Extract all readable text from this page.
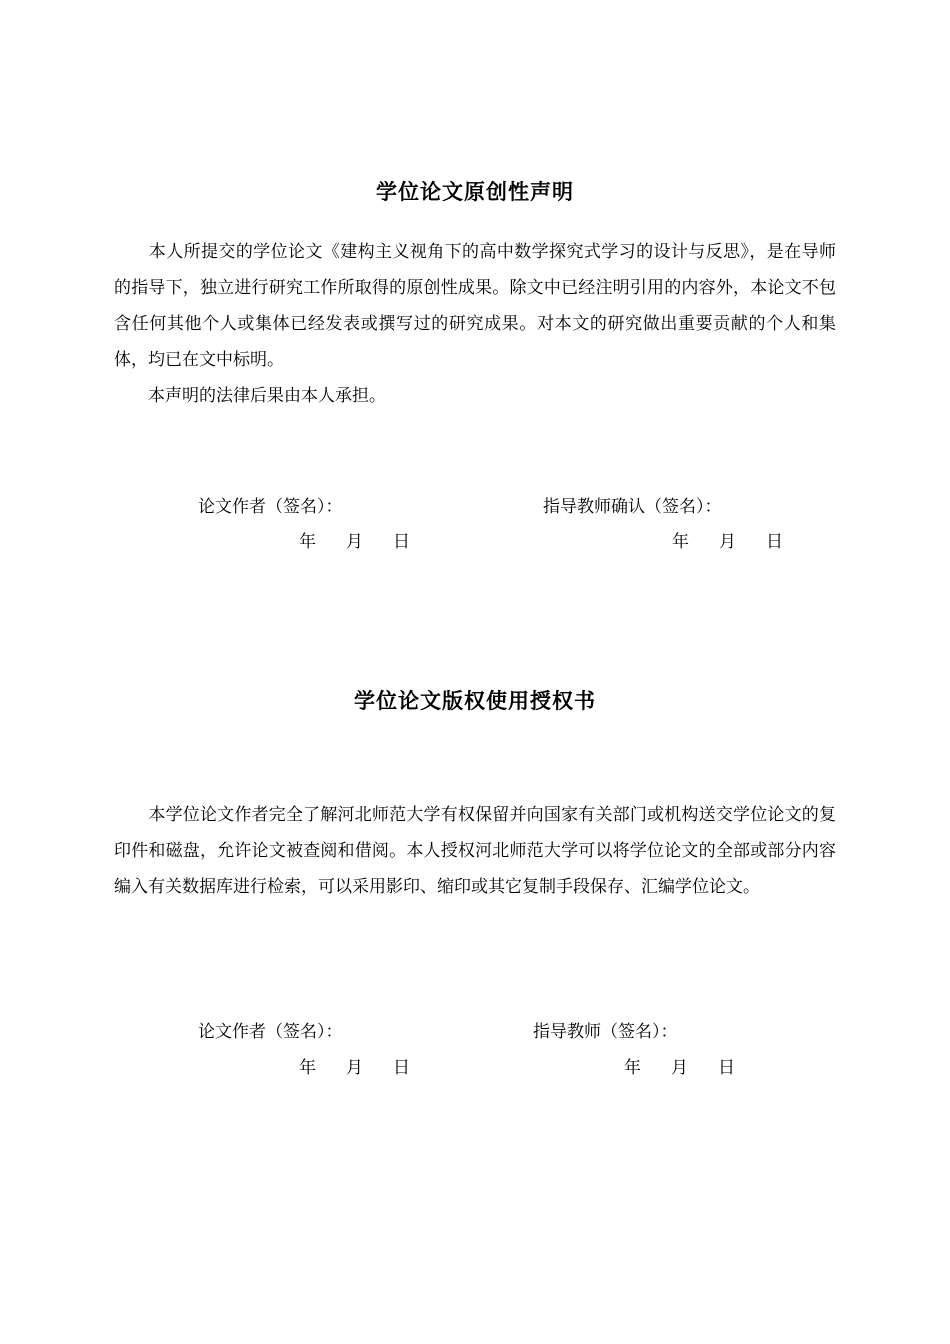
学位论文原创性声明

　　本人所提交的学位论文《建构主义视角下的高中数学探究式学习的设计与反思》，是在导师的指导下，独立进行研究工作所取得的原创性成果。除文中已经注明引用的内容外，本论文不包含任何其他个人或集体已经发表或撰写过的研究成果。对本文的研究做出重要贡献的个人和集体，均已在文中标明。

　　本声明的法律后果由本人承担。

论文作者（签名）：	指导教师确认（签名）：
年 月 日	年 月 日
学位论文版权使用授权书

　　本学位论文作者完全了解河北师范大学有权保留并向国家有关部门或机构送交学位论文的复印件和磁盘，允许论文被查阅和借阅。本人授权河北师范大学可以将学位论文的全部或部分内容编入有关数据库进行检索，可以采用影印、缩印或其它复制手段保存、汇编学位论文。

论文作者（签名）：	指导教师（签名）：
年 月 日	年 月 日
